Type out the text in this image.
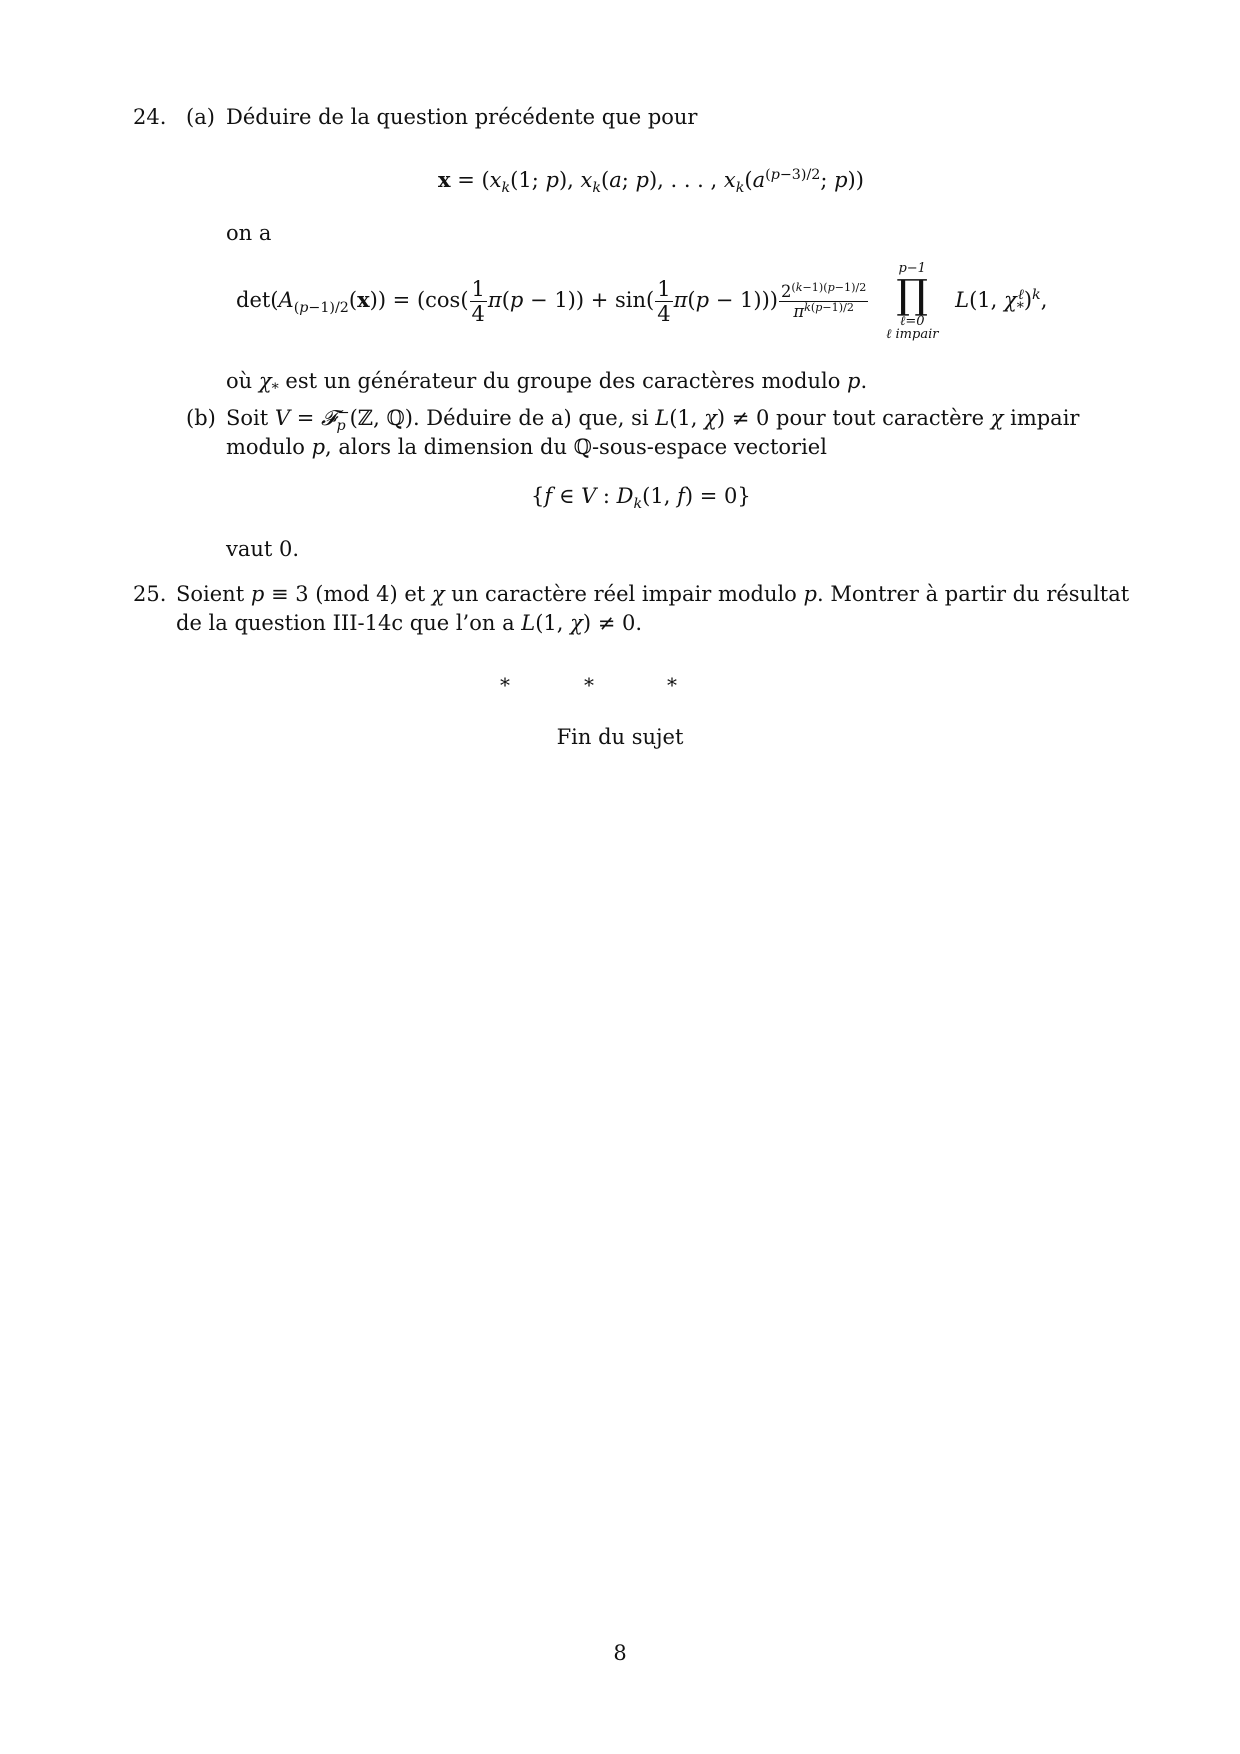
24. (a) Déduire de la question précédente que pour
$x = (x_k(1$; p), $x_k(a$; p), . . . , $x_k(a^{(p-3)/2}$; p))
on a
$\det(A_{(p-1)/2}(x)) = (\cos( \frac{1}{4} \pi(p - 1)) + \sin( \frac{1}{4} \pi(p - 1))) \frac{2^{(k-1)(p-1)/2}}{\pi^{k(p-1)/2}}$

p−1
∏
ℓ=0
ℓ impair
L(1, $\chi_*^\ell)^k$,
où $\chi_*$ est un générateur du groupe des caractères modulo p.
(b) Soit V = 𝓕$_p$−(ℤ, ℚ). Déduire de a) que, si L(1, χ) ≠ 0 pour tout caractère χ impair
modulo p, alors la dimension du ℚ-sous-espace vectoriel
{f ∈ V : $D_k(1$, f) = 0}
vaut 0.
25. Soient p ≡ 3 (mod 4) et χ un caractère réel impair modulo p. Montrer à partir du résultat
de la question III-14c que l’on a L(1, χ) ≠ 0.
*	*	*
Fin du sujet
8
